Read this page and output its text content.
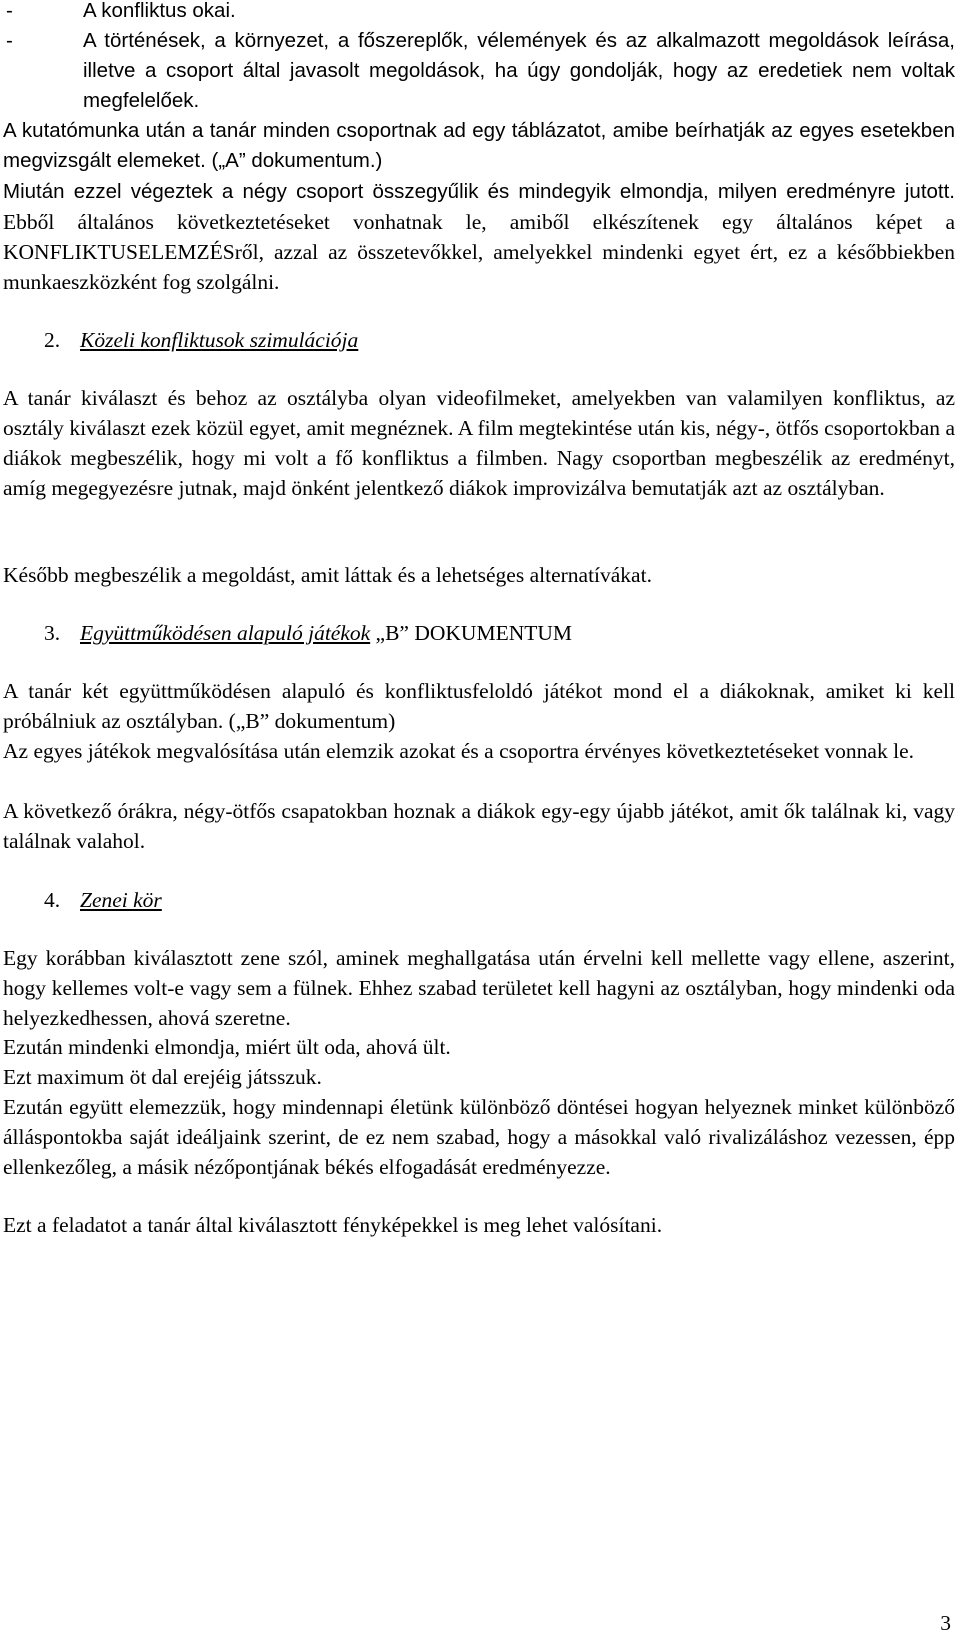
-	A konfliktus okai.
-	A történések, a környezet, a főszereplők, vélemények és az alkalmazott megoldások leírása, illetve a csoport által javasolt megoldások, ha úgy gondolják, hogy az eredetiek nem voltak megfelelőek.

A kutatómunka után a tanár minden csoportnak ad egy táblázatot, amibe beírhatják az egyes esetekben megvizsgált elemeket. („A” dokumentum.)

Miután ezzel végeztek a négy csoport összegyűlik és mindegyik elmondja, milyen eredményre jutott. Ebből általános következtetéseket vonhatnak le, amiből elkészítenek egy általános képet a KONFLIKTUSELEMZÉSről, azzal az összetevőkkel, amelyekkel mindenki egyet ért, ez a későbbiekben munkaeszközként fog szolgálni.

2. Közeli konfliktusok szimulációja

A tanár kiválaszt és behoz az osztályba olyan videofilmeket, amelyekben van valamilyen konfliktus, az osztály kiválaszt ezek közül egyet, amit megnéznek. A film megtekintése után kis, négy-, ötfős csoportokban a diákok megbeszélik, hogy mi volt a fő konfliktus a filmben. Nagy csoportban megbeszélik az eredményt, amíg megegyezésre jutnak, majd önként jelentkező diákok improvizálva bemutatják azt az osztályban.

Később megbeszélik a megoldást, amit láttak és a lehetséges alternatívákat.

3. Együttműködésen alapuló játékok „B” DOKUMENTUM

A tanár két együttműködésen alapuló és konfliktusfeloldó játékot mond el a diákoknak, amiket ki kell próbálniuk az osztályban. („B” dokumentum)

Az egyes játékok megvalósítása után elemzik azokat és a csoportra érvényes következtetéseket vonnak le.

A következő órákra, négy-ötfős csapatokban hoznak a diákok egy-egy újabb játékot, amit ők találnak ki, vagy találnak valahol.

4. Zenei kör

Egy korábban kiválasztott zene szól, aminek meghallgatása után érvelni kell mellette vagy ellene, aszerint, hogy kellemes volt-e vagy sem a fülnek. Ehhez szabad területet kell hagyni az osztályban, hogy mindenki oda helyezkedhessen, ahová szeretne.

Ezután mindenki elmondja, miért ült oda, ahová ült.

Ezt maximum öt dal erejéig játsszuk.

Ezután együtt elemezzük, hogy mindennapi életünk különböző döntései hogyan helyeznek minket különböző álláspontokba saját ideáljaink szerint, de ez nem szabad, hogy a másokkal való rivalizáláshoz vezessen, épp ellenkezőleg, a másik nézőpontjának békés elfogadását eredményezze.

Ezt a feladatot a tanár által kiválasztott fényképekkel is meg lehet valósítani.

3
